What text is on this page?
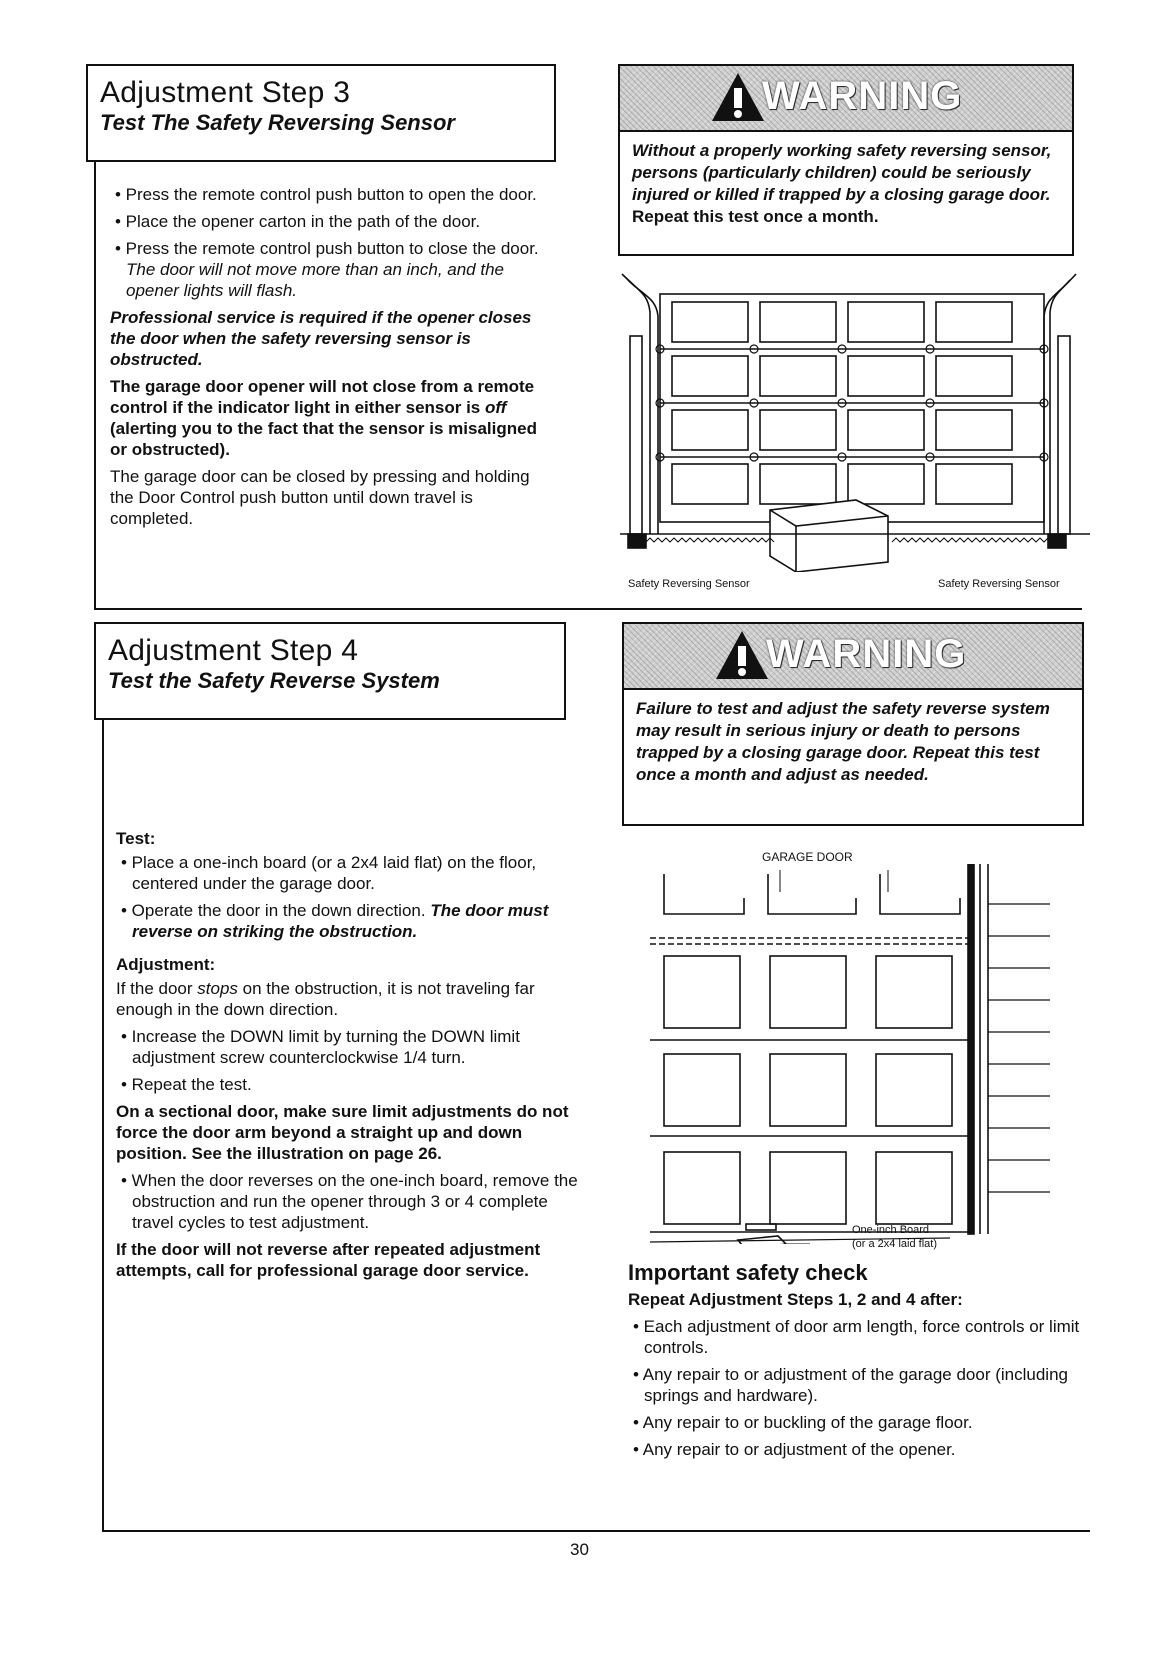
Adjustment Step 3
Test The Safety Reversing Sensor

• Press the remote control push button to open the door.

• Place the opener carton in the path of the door.

• Press the remote control push button to close the door. The door will not move more than an inch, and the opener lights will flash.

Professional service is required if the opener closes the door when the safety reversing sensor is obstructed.

The garage door opener will not close from a remote control if the indicator light in either sensor is off (alerting you to the fact that the sensor is misaligned or obstructed).

The garage door can be closed by pressing and holding the Door Control push button until down travel is completed.

WARNING
Without a properly working safety reversing sensor, persons (particularly children) could be seriously injured or killed if trapped by a closing garage door. Repeat this test once a month.
Safety Reversing Sensor	Safety Reversing Sensor
Adjustment Step 4
Test the Safety Reverse System

Test:

• Place a one-inch board (or a 2x4 laid flat) on the floor, centered under the garage door.

• Operate the door in the down direction. The door must reverse on striking the obstruction.

Adjustment:

If the door stops on the obstruction, it is not traveling far enough in the down direction.

• Increase the DOWN limit by turning the DOWN limit adjustment screw counterclockwise 1/4 turn.

• Repeat the test.

On a sectional door, make sure limit adjustments do not force the door arm beyond a straight up and down position. See the illustration on page 26.

• When the door reverses on the one-inch board, remove the obstruction and run the opener through 3 or 4 complete travel cycles to test adjustment.

If the door will not reverse after repeated adjustment attempts, call for professional garage door service.

WARNING
Failure to test and adjust the safety reverse system may result in serious injury or death to persons trapped by a closing garage door. Repeat this test once a month and adjust as needed.
GARAGE DOOR
One-inch Board
(or a 2x4 laid flat)
Important safety check

Repeat Adjustment Steps 1, 2 and 4 after:

• Each adjustment of door arm length, force controls or limit controls.

• Any repair to or adjustment of the garage door (including springs and hardware).

• Any repair to or buckling of the garage floor.

• Any repair to or adjustment of the opener.

30
